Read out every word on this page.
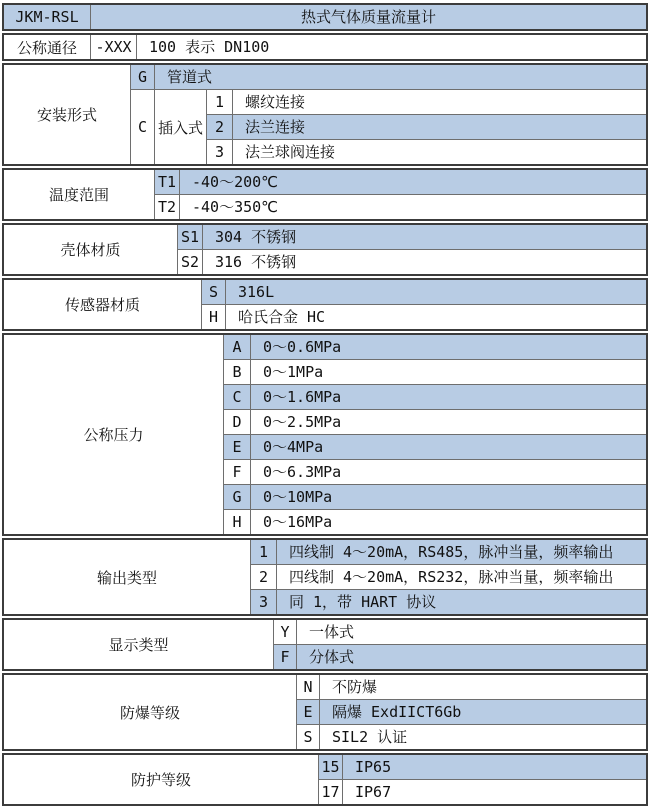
JKM-RSL	热式气体质量流量计
公称通径	-XXX	100 表示 DN100
安装形式
G	管道式
C 插入式
1	螺纹连接
2	法兰连接
3	法兰球阀连接
温度范围
T1	-40～200℃
T2	-40～350℃
壳体材质
S1	304 不锈钢
S2	316 不锈钢
传感器材质
S	316L
H	哈氏合金 HC
公称压力
A	0～0.6MPa
B	0～1MPa
C	0～1.6MPa
D	0～2.5MPa
E	0～4MPa
F	0～6.3MPa
G	0～10MPa
H	0～16MPa
输出类型
1	四线制 4～20mA，RS485，脉冲当量，频率输出
2	四线制 4～20mA，RS232，脉冲当量，频率输出
3	同 1，带 HART 协议
显示类型
Y	一体式
F	分体式
防爆等级
N	不防爆
E	隔爆 ExdIICT6Gb
S	SIL2 认证
防护等级
15	IP65
17	IP67
